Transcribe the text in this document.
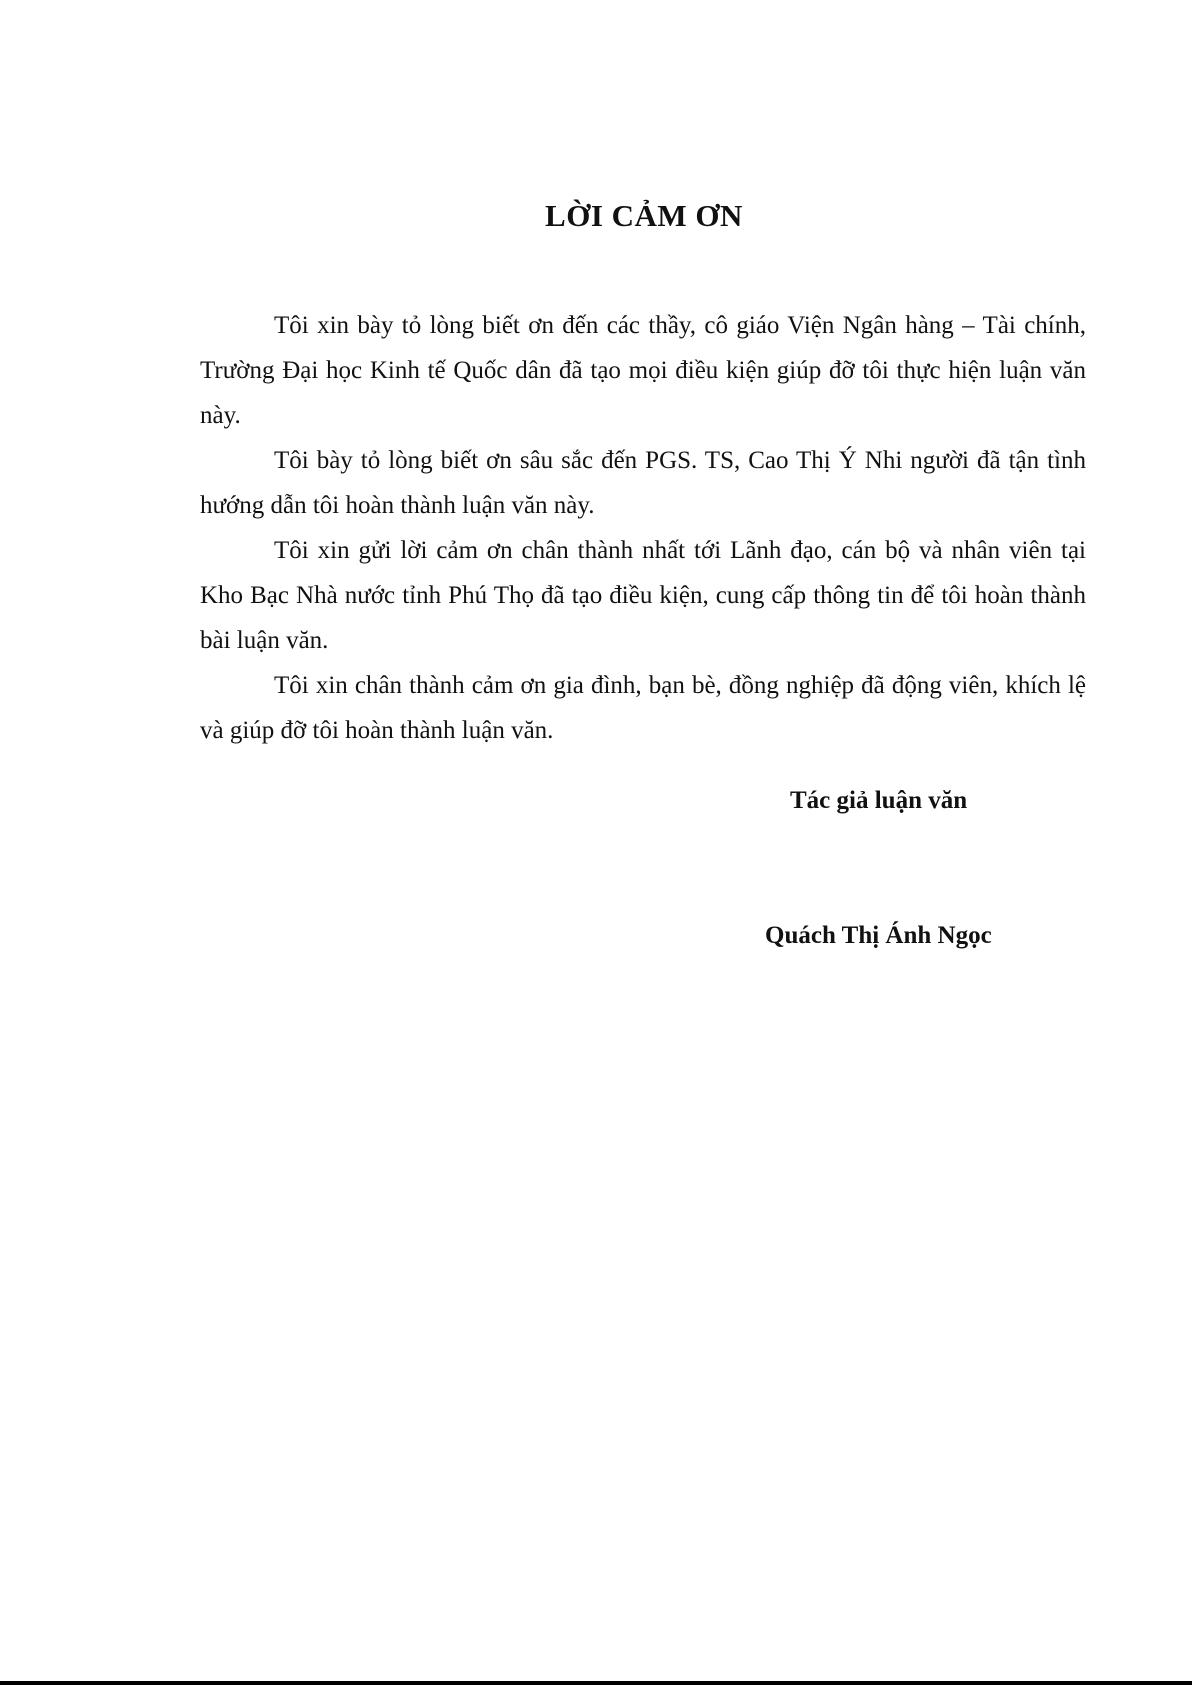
LỜI CẢM ƠN

Tôi xin bày tỏ lòng biết ơn đến các thầy, cô giáo Viện Ngân hàng – Tài chính, Trường Đại học Kinh tế Quốc dân đã tạo mọi điều kiện giúp đỡ tôi thực hiện luận văn này.

Tôi bày tỏ lòng biết ơn sâu sắc đến PGS. TS, Cao Thị Ý Nhi người đã tận tình hướng dẫn tôi hoàn thành luận văn này.

Tôi xin gửi lời cảm ơn chân thành nhất tới Lãnh đạo, cán bộ và nhân viên tại Kho Bạc Nhà nước tỉnh Phú Thọ đã tạo điều kiện, cung cấp thông tin để tôi hoàn thành bài luận văn.

Tôi xin chân thành cảm ơn gia đình, bạn bè, đồng nghiệp đã động viên, khích lệ và giúp đỡ tôi hoàn thành luận văn.

Tác giả luận văn
Quách Thị Ánh Ngọc
